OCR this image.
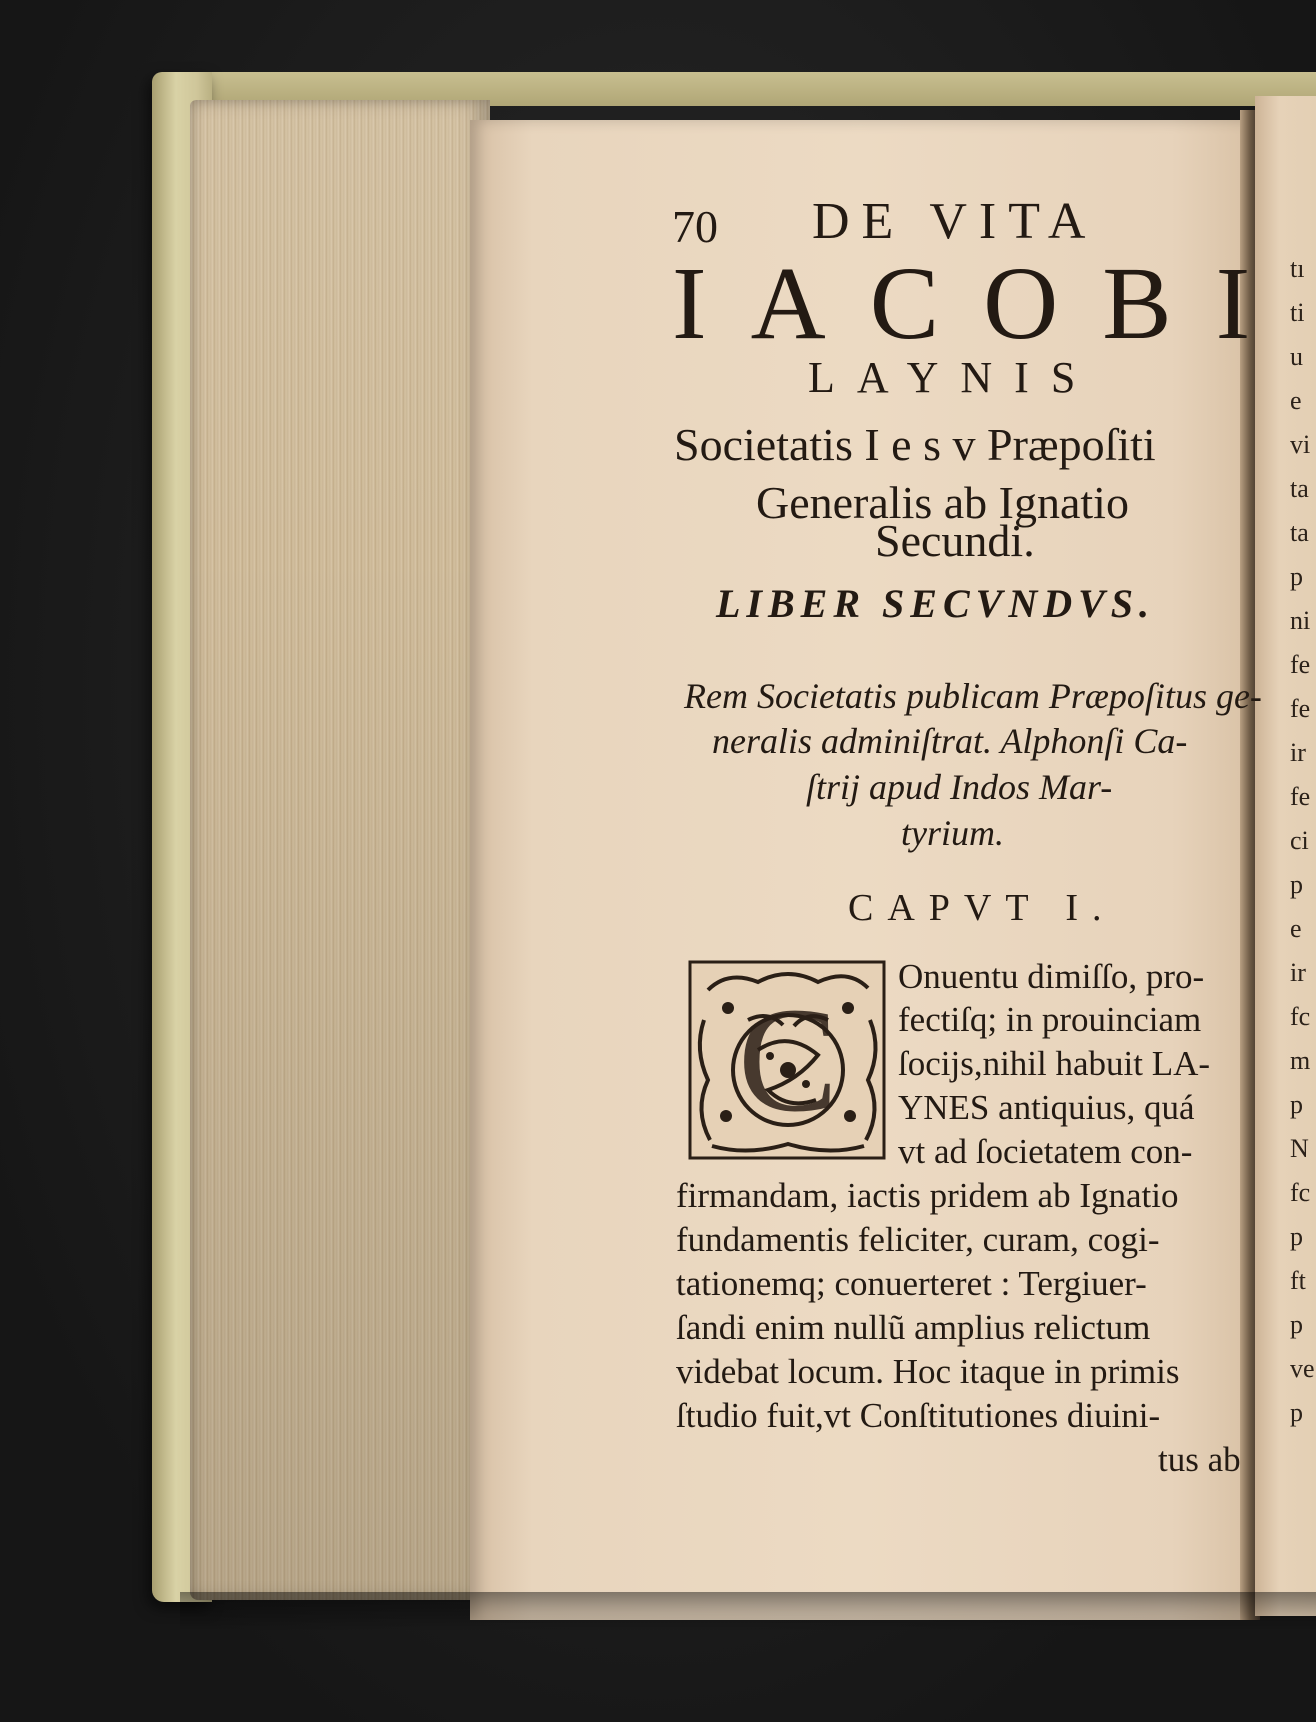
tı
ti
u
e
vi
ta
ta
p
ni
fe
fe
ir
fe
ci
p
e
ir
fc
m
p
N
fc
p
ft
p
ve
p
70 DE VITA
IACOBI
LAYNIS
Societatis I e s v Præpoſiti
Generalis ab Ignatio
Secundi.
LIBER SECVNDVS.
Rem Societatis publicam Præpoſitus ge-
neralis adminiſtrat. Alphonſi Ca-
ſtrij apud Indos Mar-
tyrium.
CAPVT I.
C
Onuentu dimiſſo, pro-
fectiſq; in prouinciam
ſocijs,nihil habuit LA-
YNES antiquius, quá
vt ad ſocietatem con-
firmandam, iactis pridem ab Ignatio
fundamentis feliciter, curam, cogi-
tationemq; conuerteret : Tergiuer-
ſandi enim nullũ amplius relictum
videbat locum. Hoc itaque in primis
ſtudio fuit,vt Conſtitutiones diuini-
tus ab
